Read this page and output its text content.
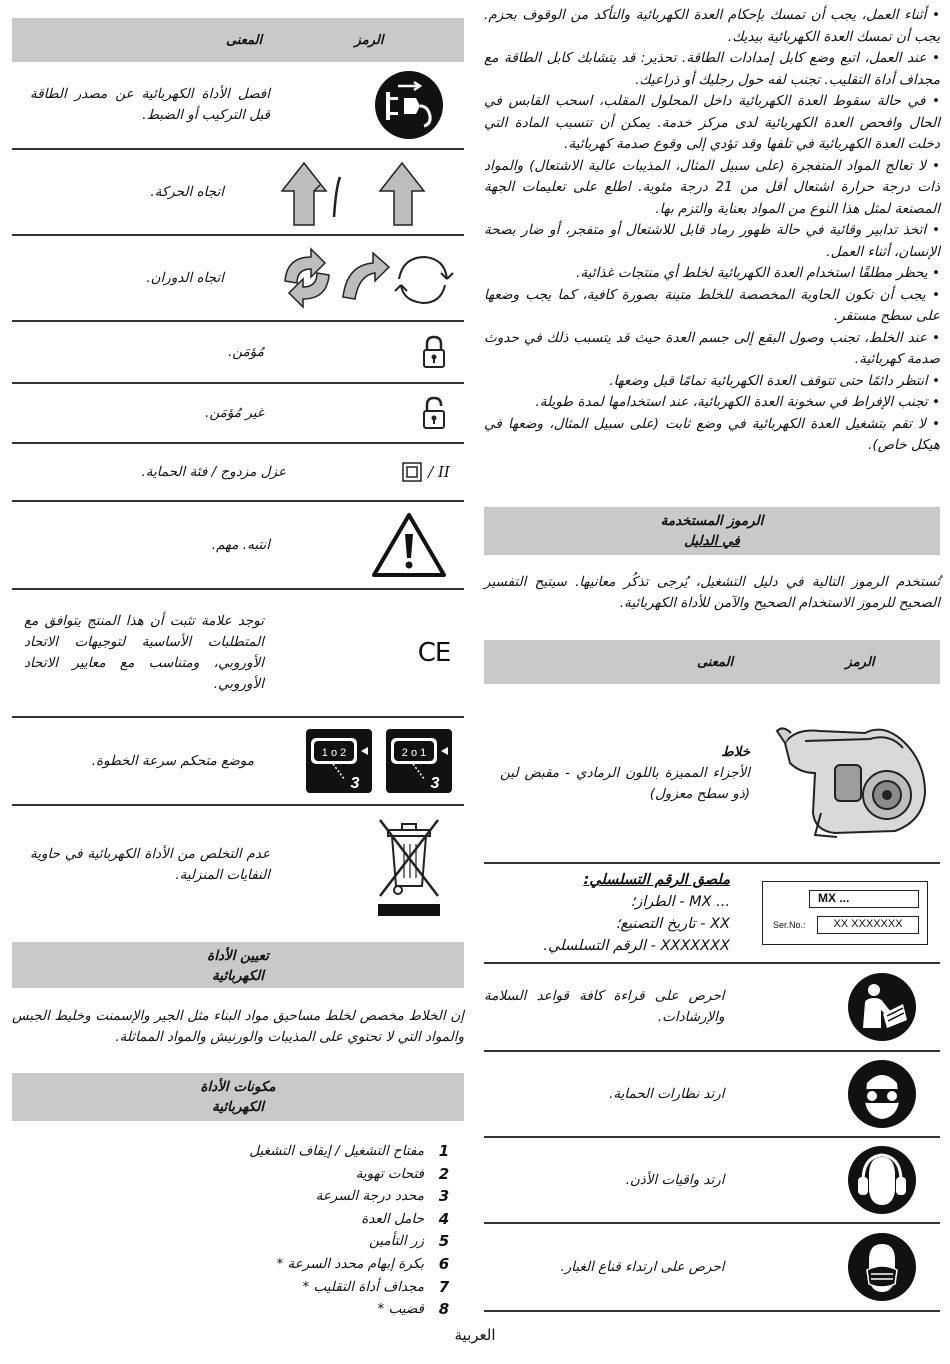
• أثناء العمل، يجب أن تمسك بإحكام العدة الكهربائية والتأكد من الوقوف بحزم. يجب أن تمسك العدة الكهربائية بيديك.

• عند العمل، اتبع وضع كابل إمدادات الطاقة. تحذير: قد يتشابك كابل الطاقة مع مجداف أداة التقليب. تجنب لفه حول رجليك أو ذراعيك.

• في حالة سقوط العدة الكهربائية داخل المحلول المقلب، اسحب القابس في الحال وافحص العدة الكهربائية لدى مركز خدمة. يمكن أن تتسبب المادة التي دخلت العدة الكهربائية في تلفها وقد تؤدي إلى وقوع صدمة كهربائية.

• لا تعالج المواد المتفجرة (على سبيل المثال، المذيبات عالية الاشتعال) والمواد ذات درجة حرارة اشتعال أقل من 21 درجة مئوية. اطلع على تعليمات الجهة المصنعة لمثل هذا النوع من المواد بعناية والتزم بها.

• اتخذ تدابير وقائية في حالة ظهور رماد قابل للاشتعال أو متفجر، أو ضار بصحة الإنسان، أثناء العمل.

• يحظر مطلقًا استخدام العدة الكهربائية لخلط أي منتجات غذائية.

• يجب أن تكون الحاوية المخصصة للخلط متينة بصورة كافية، كما يجب وضعها على سطح مستقر.

• عند الخلط، تجنب وصول البقع إلى جسم العدة حيث قد يتسبب ذلك في حدوث صدمة كهربائية.

• انتظر دائمًا حتى تتوقف العدة الكهربائية تمامًا قبل وضعها.

• تجنب الإفراط في سخونة العدة الكهربائية، عند استخدامها لمدة طويلة.

• لا تقم بتشغيل العدة الكهربائية في وضع ثابت (على سبيل المثال، وضعها في هيكل خاص).

الرموز المستخدمة
في الدليل
تُستخدم الرموز التالية في دليل التشغيل، يُرجى تذكُر معانيها. سيتيح التفسير الصحيح للرموز الاستخدام الصحيح والآمن للأداة الكهربائية.
الرمز
المعنى
خلاط
الأجزاء المميزة باللون الرمادي - مقبض لين (ذو سطح معزول)
MX ...
Ser.No.:	XX XXXXXXX
ملصق الرقم التسلسلي:
... MX - الطراز؛
XX - تاريخ التصنيع؛
XXXXXXX - الرقم التسلسلي.
احرص على قراءة كافة قواعد السلامة والإرشادات.
ارتد نظارات الحماية.
ارتد واقيات الأذن.
احرص على ارتداء قناع الغبار.
الرمز
المعنى
افصل الأداة الكهربائية عن مصدر الطاقة قبل التركيب أو الضبط.
اتجاه الحركة.
اتجاه الدوران.
مُؤمَن.
غير مُؤمَن.
/ II
عزل مزدوج / فئة الحماية.
انتبه. مهم.
CE
توجد علامة تثبت أن هذا المنتج يتوافق مع المتطلبات الأساسية لتوجيهات الاتحاد الأوروبي، ومتناسب مع معايير الاتحاد الأوروبي.
1 o 2
3
2 o 1
3
موضع متحكم سرعة الخطوة.
عدم التخلص من الأداة الكهربائية في حاوية النفايات المنزلية.
تعيين الأداة
الكهربائية
إن الخلاط مخصص لخلط مساحيق مواد البناء مثل الجير والإسمنت وخليط الجبس والمواد التي لا تحتوي على المذيبات والورنيش والمواد المماثلة.
مكونات الأداة
الكهربائية
1
مفتاح التشغيل / إيقاف التشغيل
2
فتحات تهوية
3
محدد درجة السرعة
4
حامل العدة
5
زر التأمين
6
بكرة إبهام محدد السرعة *
7
مجداف أداة التقليب *
8
قضيب *
العربية
